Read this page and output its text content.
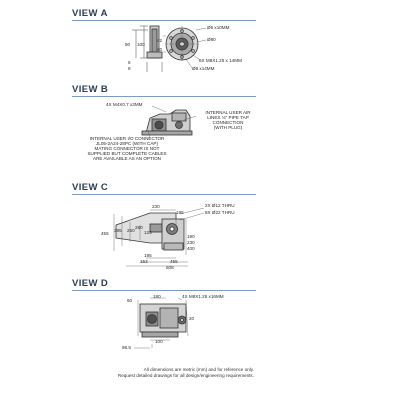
VIEW A
50 100
42
40
6
8
Ø6 x10MM
Ø80
6X M8X1.25 x 14MM
Ø8 x14MM
VIEW B
4X M4X0.7 x3MM
INTERNAL USER AIR
LINES ⅛" PIPE TAP
CONNECTION
(WITH PLUG)
INTERNAL USER I/O CONNECTOR
JL05-2A24-28PC (WITH CAP)
MATING CONNECTOR IS NOT
SUPPLIED BUT COMPLETE CABLES
ARE AVAILABLE AS AN OPTION
VIEW C
230
195
280
250 125
385
455
190
230
400
195
153	455
608
2X Ø12 THRU
8X Ø22 THRU
VIEW D
60
180
20
100
98.5
4X M8X1.25 x16MM
All dimensions are metric (mm) and for reference only.
Request detailed drawings for all design/engineering requirements.
